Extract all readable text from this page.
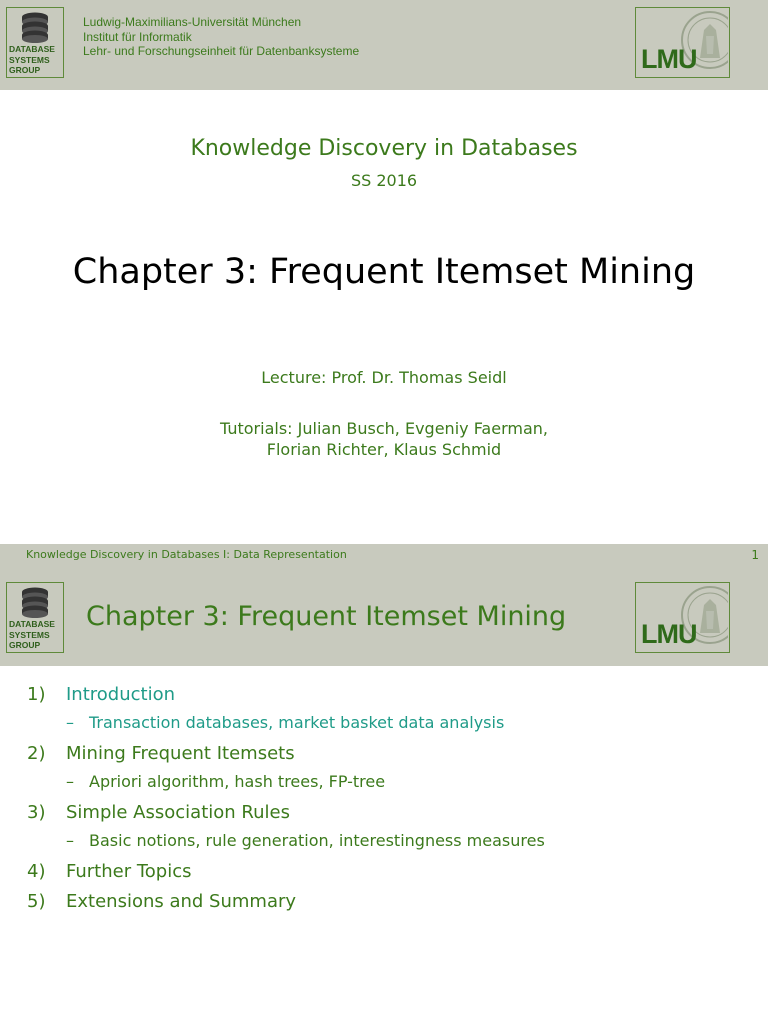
DATABASE
SYSTEMS
GROUP
Ludwig-Maximilians-Universität München
Institut für Informatik
Lehr- und Forschungseinheit für Datenbanksysteme	LMU
Knowledge Discovery in Databases
SS 2016
Chapter 3: Frequent Itemset Mining
Lecture: Prof. Dr. Thomas Seidl
Tutorials: Julian Busch, Evgeniy Faerman,
Florian Richter, Klaus Schmid
DATABASE
SYSTEMS
GROUP	LMU
Knowledge Discovery in Databases I: Data Representation	1
Chapter 3: Frequent Itemset Mining
1) Introduction
– Transaction databases, market basket data analysis
2) Mining Frequent Itemsets
– Apriori algorithm, hash trees, FP-tree
3) Simple Association Rules
– Basic notions, rule generation, interestingness measures
4) Further Topics
5) Extensions and Summary
